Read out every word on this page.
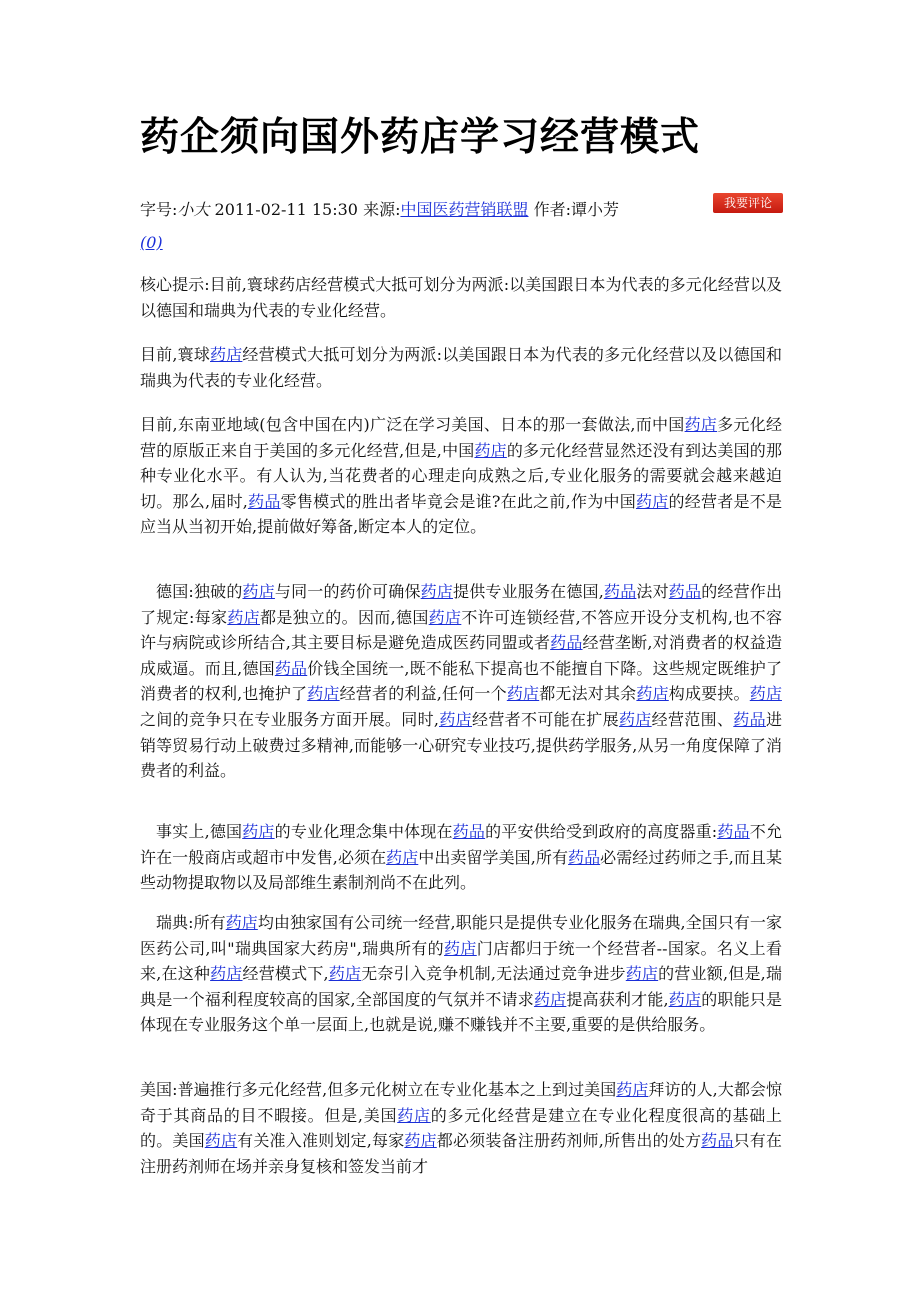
药企须向国外药店学习经营模式
字号:小大 2011-02-11 15:30 来源:中国医药营销联盟 作者:谭小芳	我要评论
(0)

核心提示:目前,寰球药店经营模式大抵可划分为两派:以美国跟日本为代表的多元化经营以及以德国和瑞典为代表的专业化经营。

目前,寰球药店经营模式大抵可划分为两派:以美国跟日本为代表的多元化经营以及以德国和瑞典为代表的专业化经营。

目前,东南亚地域(包含中国在内)广泛在学习美国、日本的那一套做法,而中国药店多元化经营的原版正来自于美国的多元化经营,但是,中国药店的多元化经营显然还没有到达美国的那种专业化水平。有人认为,当花费者的心理走向成熟之后,专业化服务的需要就会越来越迫切。那么,届时,药品零售模式的胜出者毕竟会是谁?在此之前,作为中国药店的经营者是不是应当从当初开始,提前做好筹备,断定本人的定位。

德国:独破的药店与同一的药价可确保药店提供专业服务在德国,药品法对药品的经营作出了规定:每家药店都是独立的。因而,德国药店不许可连锁经营,不答应开设分支机构,也不容许与病院或诊所结合,其主要目标是避免造成医药同盟或者药品经营垄断,对消费者的权益造成威逼。而且,德国药品价钱全国统一,既不能私下提高也不能擅自下降。这些规定既维护了消费者的权利,也掩护了药店经营者的利益,任何一个药店都无法对其余药店构成要挟。药店之间的竞争只在专业服务方面开展。同时,药店经营者不可能在扩展药店经营范围、药品进销等贸易行动上破费过多精神,而能够一心研究专业技巧,提供药学服务,从另一角度保障了消费者的利益。

事实上,德国药店的专业化理念集中体现在药品的平安供给受到政府的高度器重:药品不允许在一般商店或超市中发售,必须在药店中出卖留学美国,所有药品必需经过药师之手,而且某些动物提取物以及局部维生素制剂尚不在此列。

瑞典:所有药店均由独家国有公司统一经营,职能只是提供专业化服务在瑞典,全国只有一家医药公司,叫"瑞典国家大药房",瑞典所有的药店门店都归于统一个经营者--国家。名义上看来,在这种药店经营模式下,药店无奈引入竞争机制,无法通过竞争进步药店的营业额,但是,瑞典是一个福利程度较高的国家,全部国度的气氛并不请求药店提高获利才能,药店的职能只是体现在专业服务这个单一层面上,也就是说,赚不赚钱并不主要,重要的是供给服务。

美国:普遍推行多元化经营,但多元化树立在专业化基本之上到过美国药店拜访的人,大都会惊奇于其商品的目不暇接。但是,美国药店的多元化经营是建立在专业化程度很高的基础上的。美国药店有关准入准则划定,每家药店都必须装备注册药剂师,所售出的处方药品只有在注册药剂师在场并亲身复核和签发当前才
